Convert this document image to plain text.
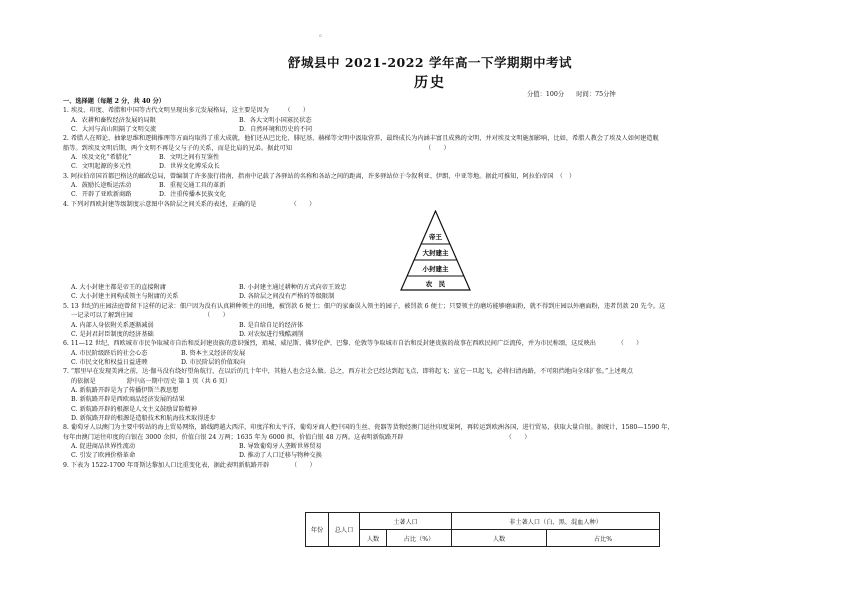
。
舒城县中 2021-2022 学年高一下学期期中考试
历史
分值：100分 时间：75分钟
一、选择题（每题 2 分，共 40 分）
1. 埃及、印度、希腊和中国等古代文明呈现出多元发展格局，这主要是因为　　　（　　）
A．农耕和畜牧经济发展的局限	B．各大文明小国寡民状态
C．大河与高山阻隔了文明交流	D．自然环境和历史的不同
2. 希腊人在辩论、抽象思维和逻辑推理等方面均取得了重大成就，他们还从巴比伦、腓尼基、赫梯等文明中汲取营养，最终成长为内涵丰富且成熟的文明，并对埃及文明施加影响，比如，希腊人教会了埃及人如何建造舰
船等。到埃及文明后期，两个文明不再是父与子的关系，而是比肩的兄弟。据此可知　　　　　　　　　　　　　　　　　　　　　　（　　）
A．埃及文化“希腊化”	B．文明之间有互鉴性
C．文明起源的多元性	D．世界文化博采众长
3. 阿拉伯帝国首都巴格达的邮政总局，曾编制了许多旅行指南，指南中记载了各驿站的名称和各站之间的距离，许多驿站位于今叙利亚、伊朗、中亚等地。据此可推知，阿拉伯帝国　（　）
A．鼓励长途贩运活动	B．重视交通工具的革新
C．开辟了亚欧新商路	D．注重传播本民族文化
4. 下列对西欧封建等级制度示意图中各阶层之间关系的表述，正确的是　　　　　　（　　）
A. 大小封建主都是帝王的直接附庸	B. 小封建主通过耕种的方式向帝王效忠
C. 大小封建主间构成领主与附庸的关系	D. 各阶层之间没有严格的等级限制
5. 13 世纪的庄园法庭曾留下这样的记录：佃户因为没有认真耕种领主的田地，被罚款 6 便士；佃户的家畜误入领主的园子，被罚款 6 便士；只要领主的磨坊能够磨面粉，就不得到庄园以外磨面粉，违者罚款 20 先令。这
一记录可以了解到庄园　　　　　　　　　　　　（　　）
A. 内部人身依附关系逐渐减弱	B. 是自给自足的经济体
C. 是封君封臣制度的经济基础	D. 对农奴进行残酷剥削
6. 11—12 世纪，西欧城市市民争取城市自治和反封建贵族的意识强烈，琅城、威尼斯、佛罗伦萨、巴黎、伦敦等争取城市自治和反封建贵族的故事在西欧民间广泛流传，并为市民称颂，这反映出　　　　（　　）
A. 市民阶级跻后的社会心态	B. 资本主义经济的发展
C. 市民文化和权益日益进睦	D. 市民阶层的价值取向
7. “那里早在发现美洲之前，达·伽马没有绕好望角航行，在以后的几十年中，其他人也会这么做。总之，西方社会已经达到起飞点，即将起飞；宣它一旦起飞，必将扫清海路，不可阻挡地向全球扩张。”上述观点
的依据是　　　　　舒中高一期中历史 第 1 页（共 6 页）
A. 新航路开辟是为了传播伊斯兰教思想
B. 新航路开辟是西欧商品经济发展的结果
C. 新航路开辟的根源是人文主义鼓励冒险精神
D. 新航路开辟的根源是造船技术和航海技术取得进步
8. 葡萄牙人以澳门为主要中转站的海上贸易网络，路线跨越大西洋，印度洋和太平洋，葡萄牙商人把中国的生丝、瓷器等货物经澳门运往印度果阿，再转运到欧洲各国，进行贸易，获取大量自银。据统计，1580—1590 年，
每年由澳门运往印度的白银在 3000 余担，价值白银 24 万两；1635 年为 6000 担，价值白银 48 万两。这表明新航路开辟　　　　　　　　　　　　　　　　　（　　）
A. 促进商品世界性流动	B. 导致葡萄牙人垄断世界贸易
C. 引发了欧洲价格革命	D. 推动了人口迁移与物种交换
9. 下表为 1522-1700 年哥斯达黎加人口比重变化表，据此表明新航路开辟　　　　（　　）
帝王
大封建主
小封建主
农　民
年份	总人口	土著人口		非土著人口（白、黑、混血人种）	
		人数	占比（%）	人数	占比%
